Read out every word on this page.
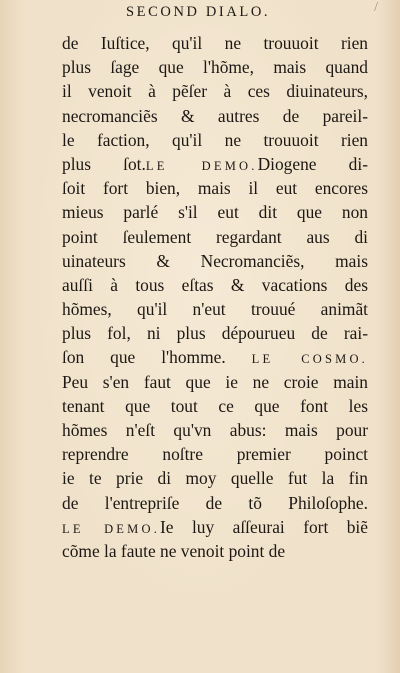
SECOND DIALO.	/
de Iuſtice, qu'il ne trouuoit rien
plus ſage que l'hõme, mais quand
il venoit à pẽſer à ces diuinateurs,
necromanciẽs & autres de pareil-
le faction, qu'il ne trouuoit rien
plus ſot.LE DEMO.Diogene di-
ſoit fort bien, mais il eut encores
mieus parlé s'il eut dit que non
point ſeulement regardant aus di
uinateurs & Necromanciẽs, mais
auſſi à tous eſtas & vacations des
hõmes, qu'il n'eut trouué animãt
plus fol, ni plus dépourueu de rai-
ſon que l'homme. LE COSMO.
Peu s'en faut que ie ne croie main
tenant que tout ce que font les
hõmes n'eſt qu'vn abus: mais pour
reprendre noſtre premier poinct
ie te prie di moy quelle fut la fin
de l'entrepriſe de tõ Philoſophe.
LE DEMO.Ie luy aſſeurai fort biẽ
cõme la faute ne venoit point de
